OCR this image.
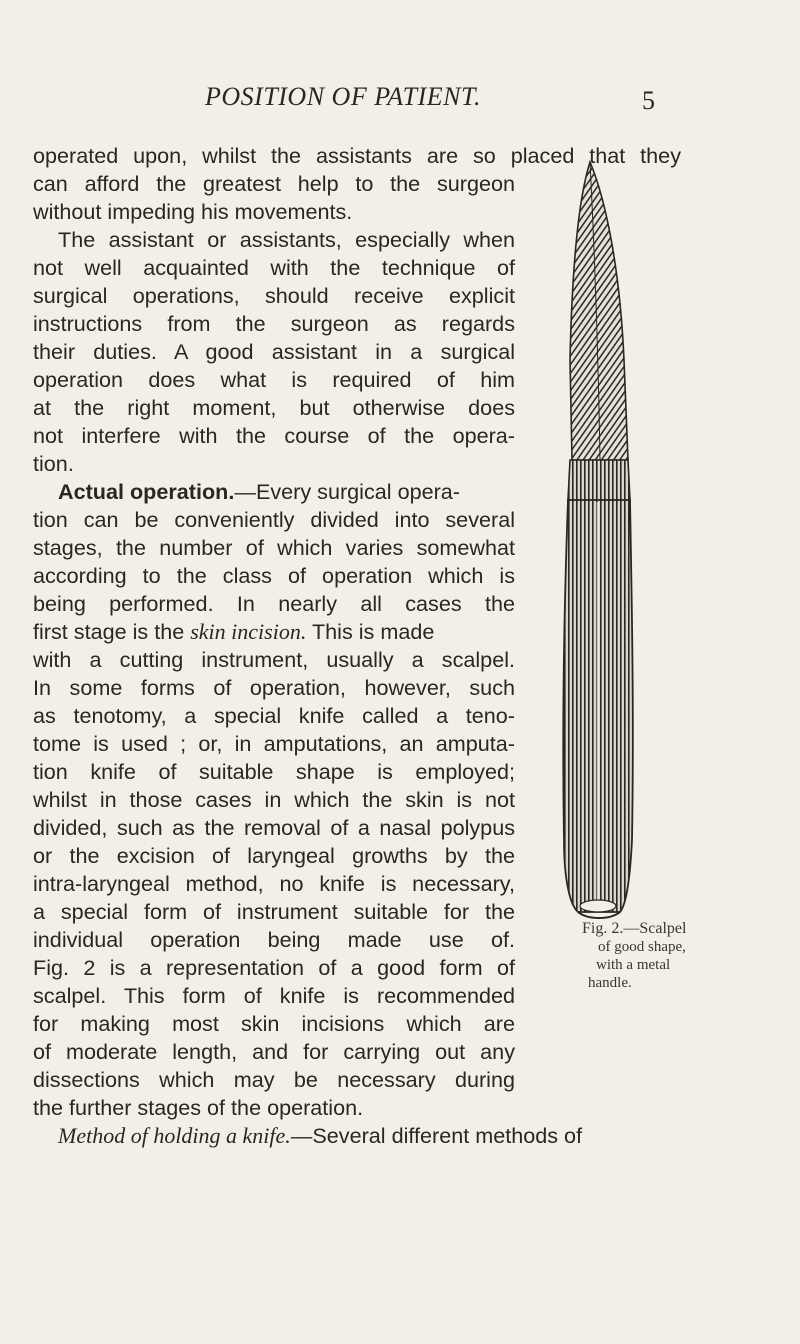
POSITION OF PATIENT.	5
operated upon, whilst the assistants are so placed that they
can afford the greatest help to the surgeon
without impeding his movements.
The assistant or assistants, especially when
not well acquainted with the technique of
surgical operations, should receive explicit
instructions from the surgeon as regards
their duties. A good assistant in a surgical
operation does what is required of him
at the right moment, but otherwise does
not interfere with the course of the opera-
tion.
Actual operation.—Every surgical opera-
tion can be conveniently divided into several
stages, the number of which varies somewhat
according to the class of operation which is
being performed. In nearly all cases the
first stage is the skin incision. This is made
with a cutting instrument, usually a scalpel.
In some forms of operation, however, such
as tenotomy, a special knife called a teno-
tome is used ; or, in amputations, an amputa-
tion knife of suitable shape is employed;
whilst in those cases in which the skin is not
divided, such as the removal of a nasal polypus
or the excision of laryngeal growths by the
intra-laryngeal method, no knife is necessary,
a special form of instrument suitable for the
individual operation being made use of.
Fig. 2 is a representation of a good form of
scalpel. This form of knife is recommended
for making most skin incisions which are
of moderate length, and for carrying out any
dissections which may be necessary during
the further stages of the operation.
Method of holding a knife.—Several different methods of
Fig. 2.—Scalpel
of good shape,
with a metal
handle.
